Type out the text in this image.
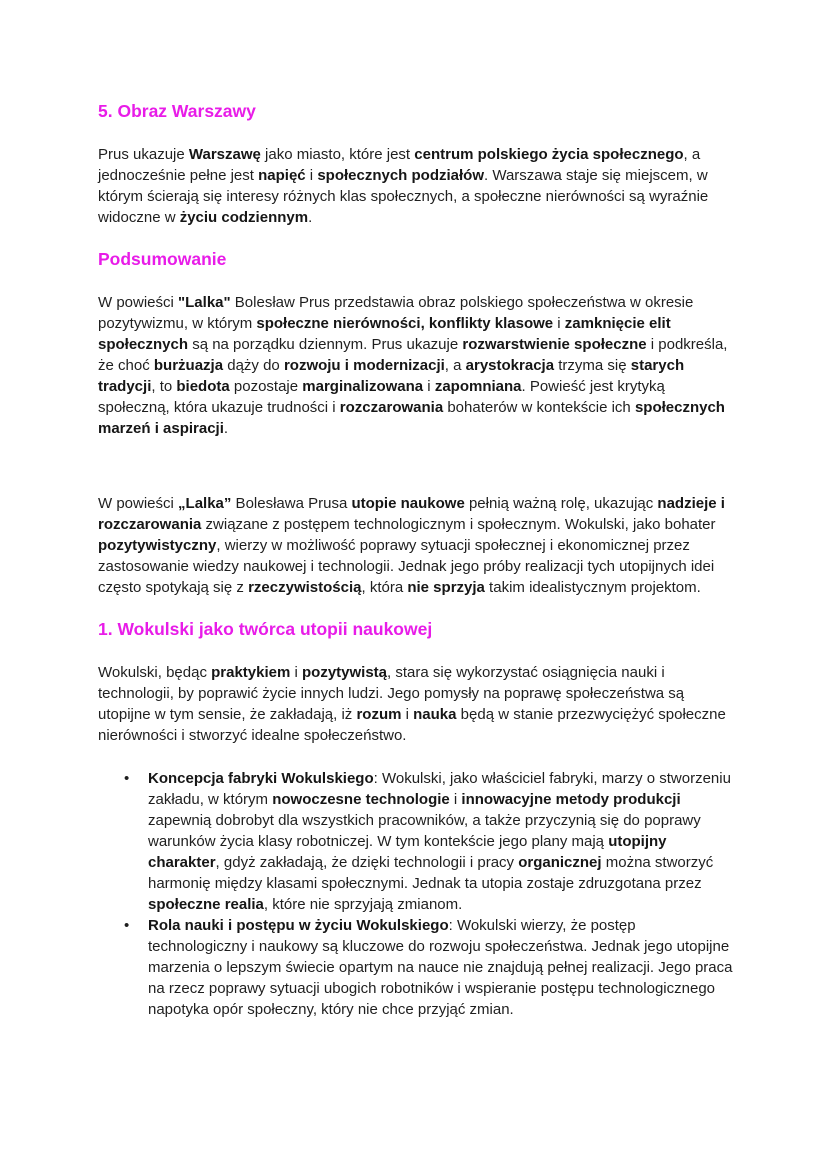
5. Obraz Warszawy

Prus ukazuje Warszawę jako miasto, które jest centrum polskiego życia społecznego, a jednocześnie pełne jest napięć i społecznych podziałów. Warszawa staje się miejscem, w którym ścierają się interesy różnych klas społecznych, a społeczne nierówności są wyraźnie widoczne w życiu codziennym.

Podsumowanie

W powieści "Lalka" Bolesław Prus przedstawia obraz polskiego społeczeństwa w okresie pozytywizmu, w którym społeczne nierówności, konflikty klasowe i zamknięcie elit społecznych są na porządku dziennym. Prus ukazuje rozwarstwienie społeczne i podkreśla, że choć burżuazja dąży do rozwoju i modernizacji, a arystokracja trzyma się starych tradycji, to biedota pozostaje marginalizowana i zapomniana. Powieść jest krytyką społeczną, która ukazuje trudności i rozczarowania bohaterów w kontekście ich społecznych marzeń i aspiracji.

W powieści „Lalka” Bolesława Prusa utopie naukowe pełnią ważną rolę, ukazując nadzieje i rozczarowania związane z postępem technologicznym i społecznym. Wokulski, jako bohater pozytywistyczny, wierzy w możliwość poprawy sytuacji społecznej i ekonomicznej przez zastosowanie wiedzy naukowej i technologii. Jednak jego próby realizacji tych utopijnych idei często spotykają się z rzeczywistością, która nie sprzyja takim idealistycznym projektom.

1. Wokulski jako twórca utopii naukowej

Wokulski, będąc praktykiem i pozytywistą, stara się wykorzystać osiągnięcia nauki i technologii, by poprawić życie innych ludzi. Jego pomysły na poprawę społeczeństwa są utopijne w tym sensie, że zakładają, iż rozum i nauka będą w stanie przezwyciężyć społeczne nierówności i stworzyć idealne społeczeństwo.

• Koncepcja fabryki Wokulskiego: Wokulski, jako właściciel fabryki, marzy o stworzeniu zakładu, w którym nowoczesne technologie i innowacyjne metody produkcji zapewnią dobrobyt dla wszystkich pracowników, a także przyczynią się do poprawy warunków życia klasy robotniczej. W tym kontekście jego plany mają utopijny charakter, gdyż zakładają, że dzięki technologii i pracy organicznej można stworzyć harmonię między klasami społecznymi. Jednak ta utopia zostaje zdruzgotana przez społeczne realia, które nie sprzyjają zmianom.
• Rola nauki i postępu w życiu Wokulskiego: Wokulski wierzy, że postęp technologiczny i naukowy są kluczowe do rozwoju społeczeństwa. Jednak jego utopijne marzenia o lepszym świecie opartym na nauce nie znajdują pełnej realizacji. Jego praca na rzecz poprawy sytuacji ubogich robotników i wspieranie postępu technologicznego napotyka opór społeczny, który nie chce przyjąć zmian.
